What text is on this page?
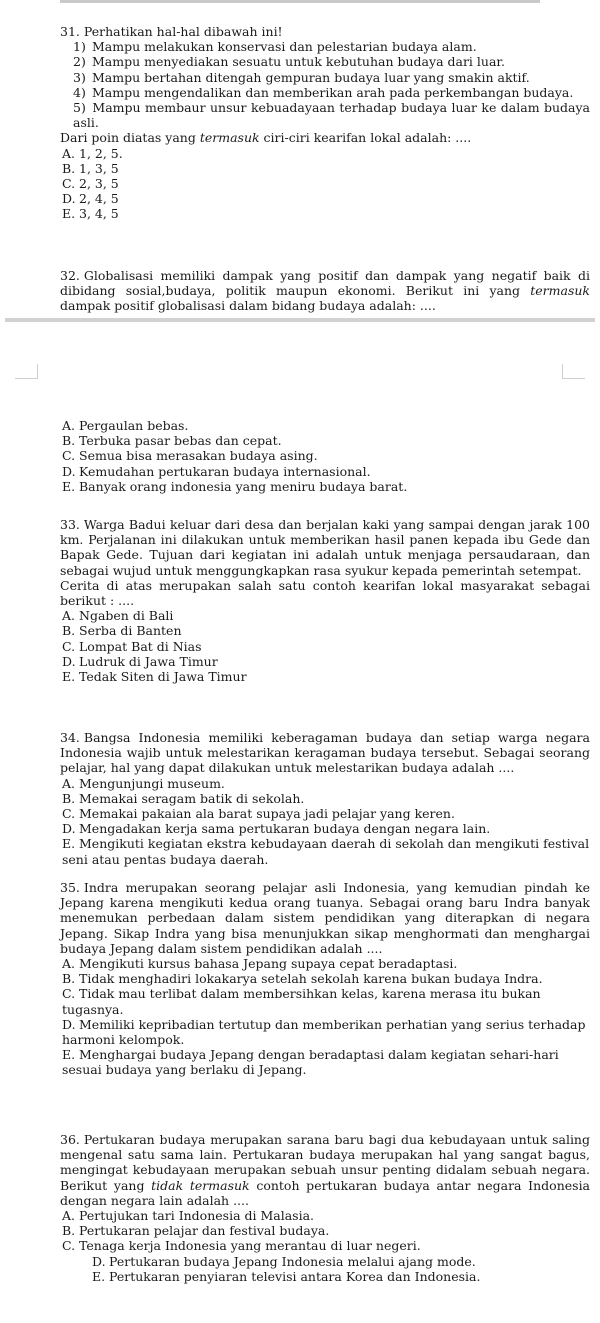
31. Perhatikan hal-hal dibawah ini!
1) Mampu melakukan konservasi dan pelestarian budaya alam.
2) Mampu menyediakan sesuatu untuk kebutuhan budaya dari luar.
3) Mampu bertahan ditengah gempuran budaya luar yang smakin aktif.
4) Mampu mengendalikan dan memberikan arah pada perkembangan budaya.
5) Mampu membaur unsur kebuadayaan terhadap budaya luar ke dalam budaya asli.
Dari poin diatas yang termasuk ciri-ciri kearifan lokal adalah: ....
A. 1, 2, 5.
B. 1, 3, 5
C. 2, 3, 5
D. 2, 4, 5
E. 3, 4, 5
32. Globalisasi memiliki dampak yang positif dan dampak yang negatif baik di dibidang sosial,budaya, politik maupun ekonomi. Berikut ini yang termasuk dampak positif globalisasi dalam bidang budaya adalah: ....
A. Pergaulan bebas.
B. Terbuka pasar bebas dan cepat.
C. Semua bisa merasakan budaya asing.
D. Kemudahan pertukaran budaya internasional.
E. Banyak orang indonesia yang meniru budaya barat.
33. Warga Badui keluar dari desa dan berjalan kaki yang sampai dengan jarak 100 km. Perjalanan ini dilakukan untuk memberikan hasil panen kepada ibu Gede dan Bapak Gede. Tujuan dari kegiatan ini adalah untuk menjaga persaudaraan, dan sebagai wujud untuk menggungkapkan rasa syukur kepada pemerintah setempat.
Cerita di atas merupakan salah satu contoh kearifan lokal masyarakat sebagai berikut : ....
A. Ngaben di Bali
B. Serba di Banten
C. Lompat Bat di Nias
D. Ludruk di Jawa Timur
E. Tedak Siten di Jawa Timur
34. Bangsa Indonesia memiliki keberagaman budaya dan setiap warga negara Indonesia wajib untuk melestarikan keragaman budaya tersebut. Sebagai seorang pelajar, hal yang dapat dilakukan untuk melestarikan budaya adalah ....
A. Mengunjungi museum.
B. Memakai seragam batik di sekolah.
C. Memakai pakaian ala barat supaya jadi pelajar yang keren.
D. Mengadakan kerja sama pertukaran budaya dengan negara lain.
E. Mengikuti kegiatan ekstra kebudayaan daerah di sekolah dan mengikuti festival seni atau pentas budaya daerah.
35. Indra merupakan seorang pelajar asli Indonesia, yang kemudian pindah ke Jepang karena mengikuti kedua orang tuanya. Sebagai orang baru Indra banyak menemukan perbedaan dalam sistem pendidikan yang diterapkan di negara Jepang. Sikap Indra yang bisa menunjukkan sikap menghormati dan menghargai budaya Jepang dalam sistem pendidikan adalah ....
A. Mengikuti kursus bahasa Jepang supaya cepat beradaptasi.
B. Tidak menghadiri lokakarya setelah sekolah karena bukan budaya Indra.
C. Tidak mau terlibat dalam membersihkan kelas, karena merasa itu bukan tugasnya.
D. Memiliki kepribadian tertutup dan memberikan perhatian yang serius terhadap harmoni kelompok.
E. Menghargai budaya Jepang dengan beradaptasi dalam kegiatan sehari-hari sesuai budaya yang berlaku di Jepang.
36. Pertukaran budaya merupakan sarana baru bagi dua kebudayaan untuk saling mengenal satu sama lain. Pertukaran budaya merupakan hal yang sangat bagus, mengingat kebudayaan merupakan sebuah unsur penting didalam sebuah negara. Berikut yang tidak termasuk contoh pertukaran budaya antar negara Indonesia dengan negara lain adalah ....
A. Pertujukan tari Indonesia di Malasia.
B. Pertukaran pelajar dan festival budaya.
C. Tenaga kerja Indonesia yang merantau di luar negeri.
D. Pertukaran budaya Jepang Indonesia melalui ajang mode.
E. Pertukaran penyiaran televisi antara Korea dan Indonesia.
